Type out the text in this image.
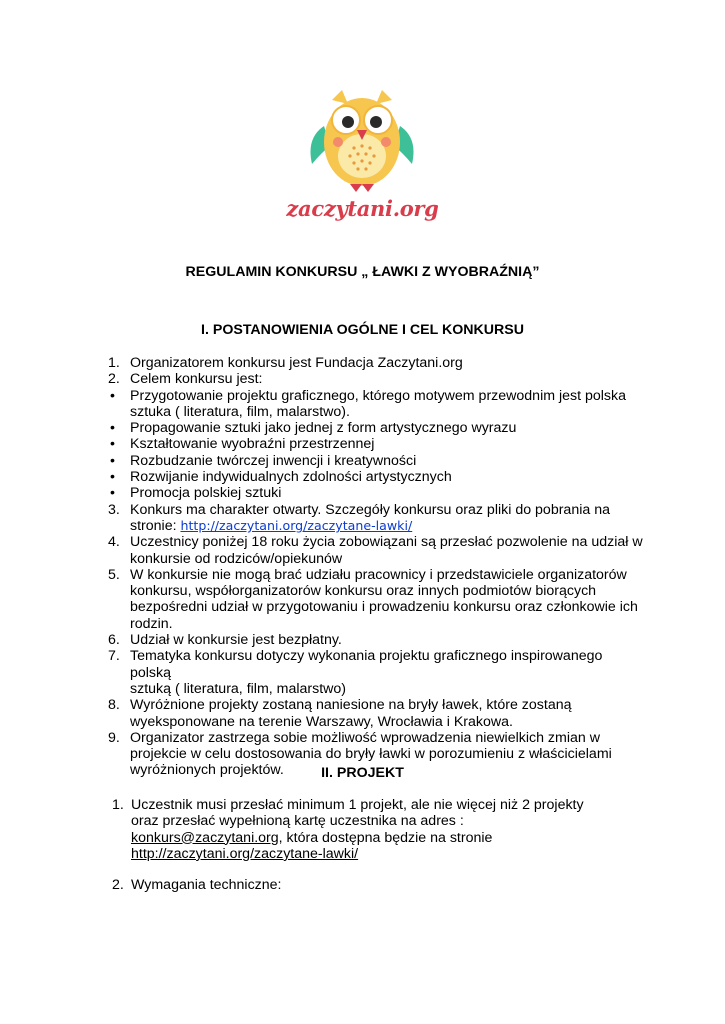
zaczytani.org
REGULAMIN KONKURSU „ ŁAWKI Z WYOBRAŹNIĄ”
I. POSTANOWIENIA OGÓLNE I CEL KONKURSU
1. Organizatorem konkursu jest Fundacja Zaczytani.org
2. Celem konkursu jest:
• Przygotowanie projektu graficznego, którego motywem przewodnim jest polska
sztuka ( literatura, film, malarstwo).
• Propagowanie sztuki jako jednej z form artystycznego wyrazu
• Kształtowanie wyobraźni przestrzennej
• Rozbudzanie twórczej inwencji i kreatywności
• Rozwijanie indywidualnych zdolności artystycznych
• Promocja polskiej sztuki
3. Konkurs ma charakter otwarty. Szczegóły konkursu oraz pliki do pobrania na
stronie: http://zaczytani.org/zaczytane-lawki/
4. Uczestnicy poniżej 18 roku życia zobowiązani są przesłać pozwolenie na udział w
konkursie od rodziców/opiekunów
5. W konkursie nie mogą brać udziału pracownicy i przedstawiciele organizatorów
konkursu, współorganizatorów konkursu oraz innych podmiotów biorących
bezpośredni udział w przygotowaniu i prowadzeniu konkursu oraz członkowie ich
rodzin.
6. Udział w konkursie jest bezpłatny.
7. Tematyka konkursu dotyczy wykonania projektu graficznego inspirowanego polską
sztuką ( literatura, film, malarstwo)
8. Wyróżnione projekty zostaną naniesione na bryły ławek, które zostaną
wyeksponowane na terenie Warszawy, Wrocławia i Krakowa.
9. Organizator zastrzega sobie możliwość wprowadzenia niewielkich zmian w
projekcie w celu dostosowania do bryły ławki w porozumieniu z właścicielami
wyróżnionych projektów.	II. PROJEKT
1. Uczestnik musi przesłać minimum 1 projekt, ale nie więcej niż 2 projekty
oraz przesłać wypełnioną kartę uczestnika na adres :
konkurs@zaczytani.org, która dostępna będzie na stronie
http://zaczytani.org/zaczytane-lawki/
2. Wymagania techniczne:
